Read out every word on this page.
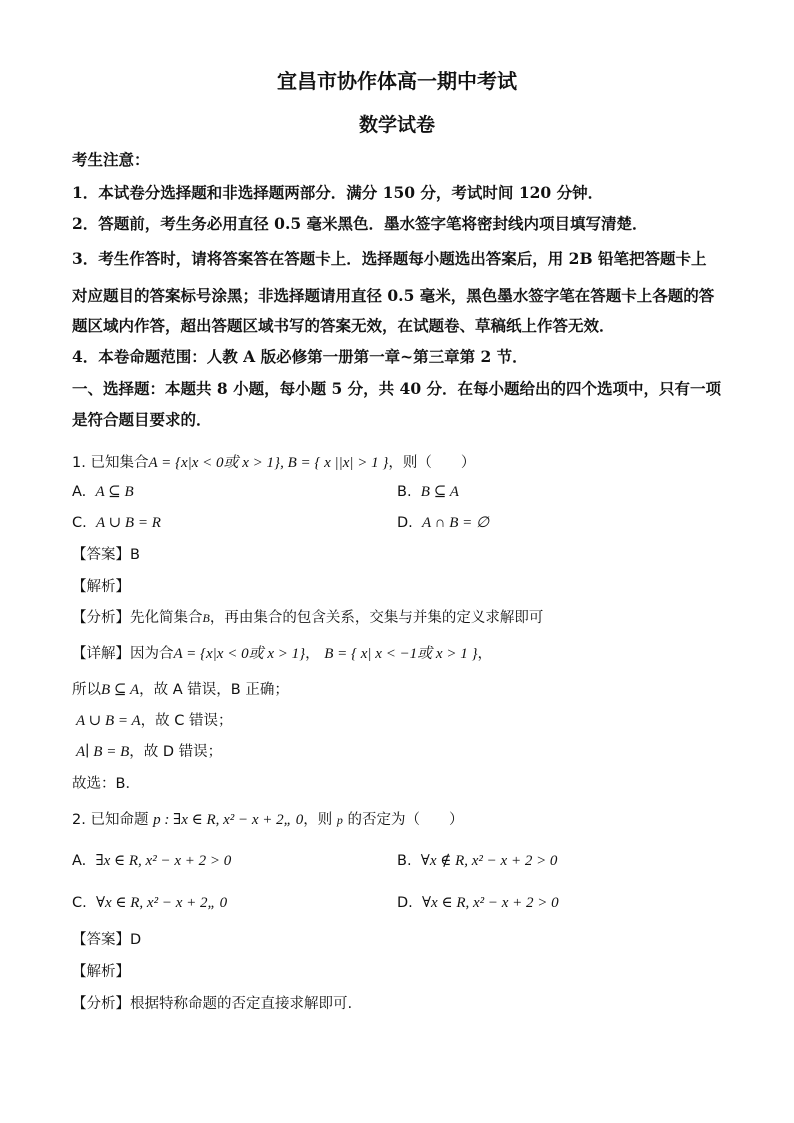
宜昌市协作体高一期中考试
数学试卷
考生注意：
1．本试卷分选择题和非选择题两部分．满分 150 分，考试时间 120 分钟．
2．答题前，考生务必用直径 0.5 毫米黑色．墨水签字笔将密封线内项目填写清楚．
3．考生作答时，请将答案答在答题卡上．选择题每小题选出答案后，用 2B 铅笔把答题卡上
对应题目的答案标号涂黑；非选择题请用直径 0.5 毫米，黑色墨水签字笔在答题卡上各题的答
题区域内作答，超出答题区域书写的答案无效，在试题卷、草稿纸上作答无效．
4．本卷命题范围：人教 A 版必修第一册第一章~第三章第 2 节．
一、选择题：本题共 8 小题，每小题 5 分，共 40 分．在每小题给出的四个选项中，只有一项
是符合题目要求的．
1. 已知集合A = {x|x < 0或 x > 1}, B = { x ||x| > 1 }，则（　　）
A. A ⊆ B	B. B ⊆ A
C. A ∪ B = R	D. A ∩ B = ∅
【答案】B
【解析】
【分析】先化简集合B，再由集合的包含关系，交集与并集的定义求解即可
【详解】因为合A = {x|x < 0或 x > 1}， B = { x| x < −1或 x > 1 }，
所以B ⊆ A，故 A 错误，B 正确；
A ∪ B = A，故 C 错误；
A∣ B = B，故 D 错误；
故选：B．
2. 已知命题 p : ∃x ∈ R, x² − x + 2„ 0，则 p 的否定为（　　）
A. ∃x ∈ R, x² − x + 2 > 0	B. ∀x ∉ R, x² − x + 2 > 0
C. ∀x ∈ R, x² − x + 2„ 0	D. ∀x ∈ R, x² − x + 2 > 0
【答案】D
【解析】
【分析】根据特称命题的否定直接求解即可.
